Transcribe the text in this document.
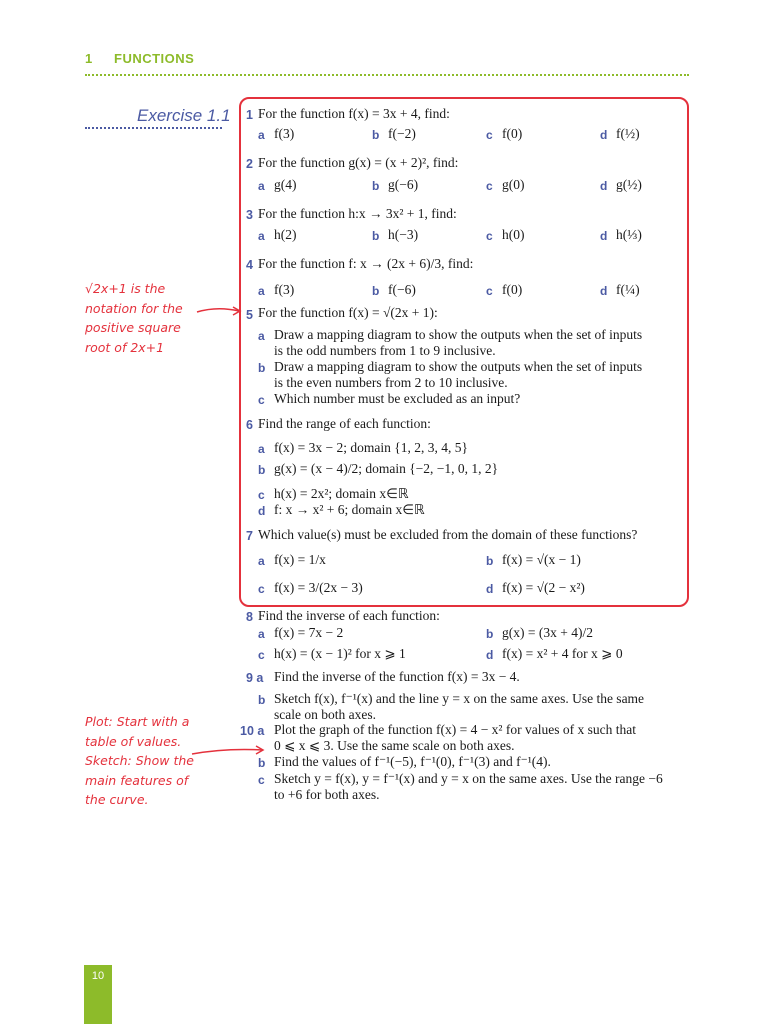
1 FUNCTIONS
Exercise 1.1 1 For the function f(x) = 3x + 4, find:
a f(3)	b f(−2)	c f(0)	d f(½)
2 For the function g(x) = (x + 2)², find:
a g(4)	b g(−6)	c g(0)	d g(½)
3 For the function h:x → 3x² + 1, find:
a h(2)	b h(−3)	c h(0)	d h(⅓)
4 For the function f: x → (2x + 6)/3, find:
a f(3)	b f(−6)	c f(0)	d f(¼)
5 For the function f(x) = √(2x + 1):
a Draw a mapping diagram to show the outputs when the set of inputs
is the odd numbers from 1 to 9 inclusive.
b Draw a mapping diagram to show the outputs when the set of inputs
is the even numbers from 2 to 10 inclusive.
c Which number must be excluded as an input?
6 Find the range of each function:
a f(x) = 3x − 2; domain {1, 2, 3, 4, 5}
b g(x) = (x − 4)/2; domain {−2, −1, 0, 1, 2}
c h(x) = 2x²; domain x∈ℝ
d f: x → x² + 6; domain x∈ℝ
7 Which value(s) must be excluded from the domain of these functions?
a f(x) = 1/x	b f(x) = √(x − 1)
c f(x) = 3/(2x − 3)	d f(x) = √(2 − x²)
8 Find the inverse of each function:
a f(x) = 7x − 2	b g(x) = (3x + 4)/2
c h(x) = (x − 1)² for x ⩾ 1	d f(x) = x² + 4 for x ⩾ 0
9 a Find the inverse of the function f(x) = 3x − 4.
b Sketch f(x), f⁻¹(x) and the line y = x on the same axes. Use the same
scale on both axes.
10 a Plot the graph of the function f(x) = 4 − x² for values of x such that
0 ⩽ x ⩽ 3. Use the same scale on both axes.
b Find the values of f⁻¹(−5), f⁻¹(0), f⁻¹(3) and f⁻¹(4).
c Sketch y = f(x), y = f⁻¹(x) and y = x on the same axes. Use the range −6
to +6 for both axes.
√2x+1 is the
notation for the
positive square
root of 2x+1
Plot: Start with a
table of values.
Sketch: Show the
main features of
the curve.
10
